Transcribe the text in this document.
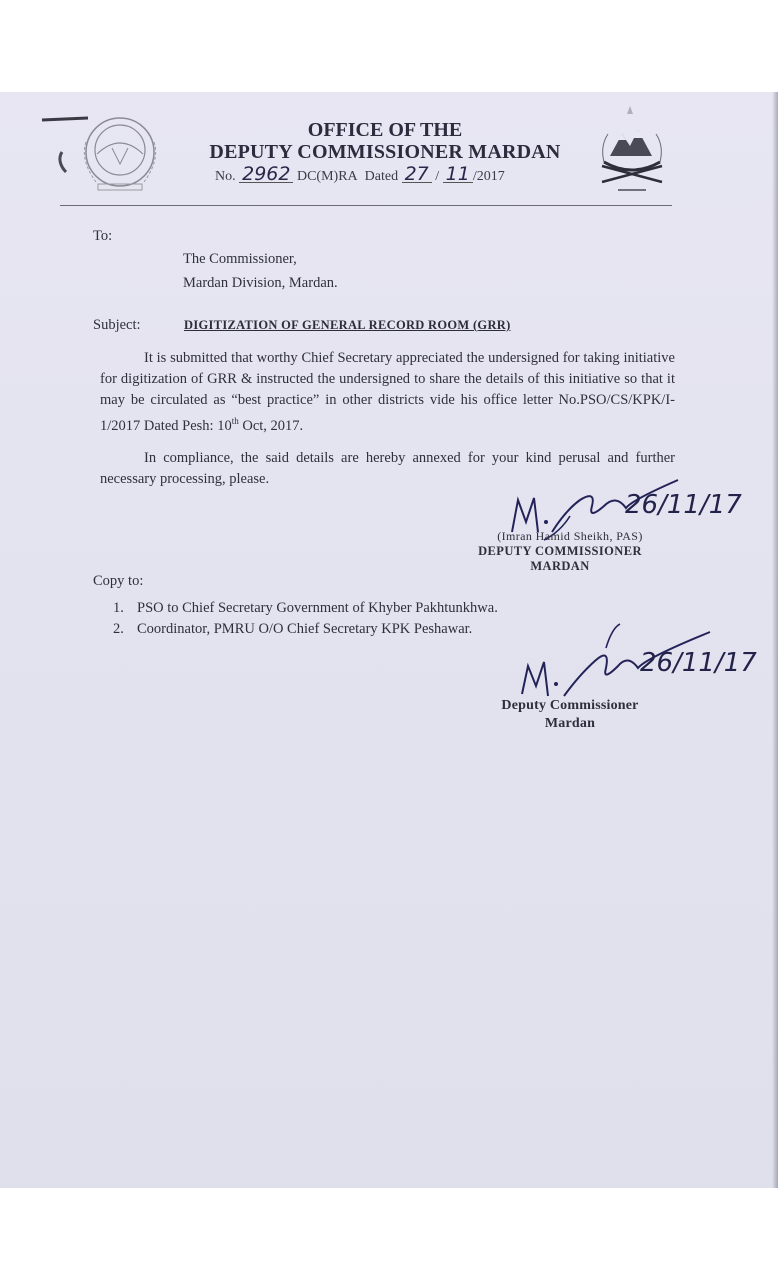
OFFICE OF THE
DEPUTY COMMISSIONER MARDAN
No. 2962 DC(M)RA Dated 27 / 11 /2017
To:
The Commissioner,
Mardan Division, Mardan.
Subject:	DIGITIZATION OF GENERAL RECORD ROOM (GRR)
It is submitted that worthy Chief Secretary appreciated the undersigned for taking initiative for digitization of GRR & instructed the undersigned to share the details of this initiative so that it may be circulated as “best practice” in other districts vide his office letter No.PSO/CS/KPK/I-1/2017 Dated Pesh: 10th Oct, 2017.
In compliance, the said details are hereby annexed for your kind perusal and further necessary processing, please.
26/11/17
(Imran Hamid Sheikh, PAS)
DEPUTY COMMISSIONER
MARDAN
Copy to:
1. PSO to Chief Secretary Government of Khyber Pakhtunkhwa.
2. Coordinator, PMRU O/O Chief Secretary KPK Peshawar.
26/11/17
Deputy Commissioner
Mardan
